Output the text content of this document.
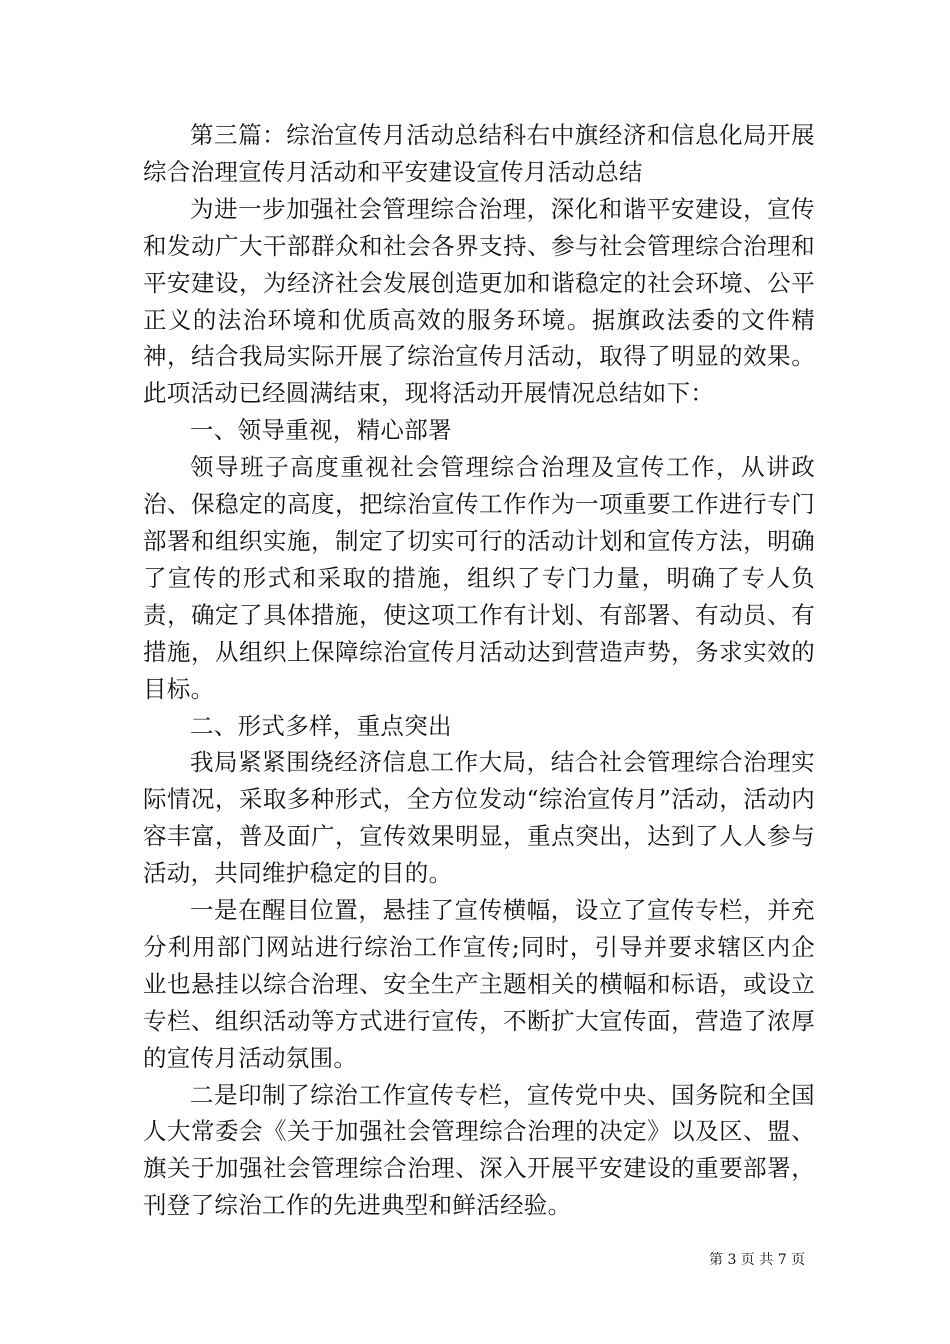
第三篇：综治宣传月活动总结科右中旗经济和信息化局开展综合治理宣传月活动和平安建设宣传月活动总结

为进一步加强社会管理综合治理，深化和谐平安建设，宣传和发动广大干部群众和社会各界支持、参与社会管理综合治理和平安建设，为经济社会发展创造更加和谐稳定的社会环境、公平正义的法治环境和优质高效的服务环境。据旗政法委的文件精神，结合我局实际开展了综治宣传月活动，取得了明显的效果。此项活动已经圆满结束，现将活动开展情况总结如下：

一、领导重视，精心部署

领导班子高度重视社会管理综合治理及宣传工作，从讲政治、保稳定的高度，把综治宣传工作作为一项重要工作进行专门部署和组织实施，制定了切实可行的活动计划和宣传方法，明确了宣传的形式和采取的措施，组织了专门力量，明确了专人负责，确定了具体措施，使这项工作有计划、有部署、有动员、有措施，从组织上保障综治宣传月活动达到营造声势，务求实效的目标。

二、形式多样，重点突出

我局紧紧围绕经济信息工作大局，结合社会管理综合治理实际情况，采取多种形式，全方位发动“综治宣传月”活动，活动内容丰富，普及面广，宣传效果明显，重点突出，达到了人人参与活动，共同维护稳定的目的。

一是在醒目位置，悬挂了宣传横幅，设立了宣传专栏，并充分利用部门网站进行综治工作宣传;同时，引导并要求辖区内企业也悬挂以综合治理、安全生产主题相关的横幅和标语，或设立专栏、组织活动等方式进行宣传，不断扩大宣传面，营造了浓厚的宣传月活动氛围。

二是印制了综治工作宣传专栏，宣传党中央、国务院和全国人大常委会《关于加强社会管理综合治理的决定》以及区、盟、旗关于加强社会管理综合治理、深入开展平安建设的重要部署，刊登了综治工作的先进典型和鲜活经验。

第 3 页 共 7 页
